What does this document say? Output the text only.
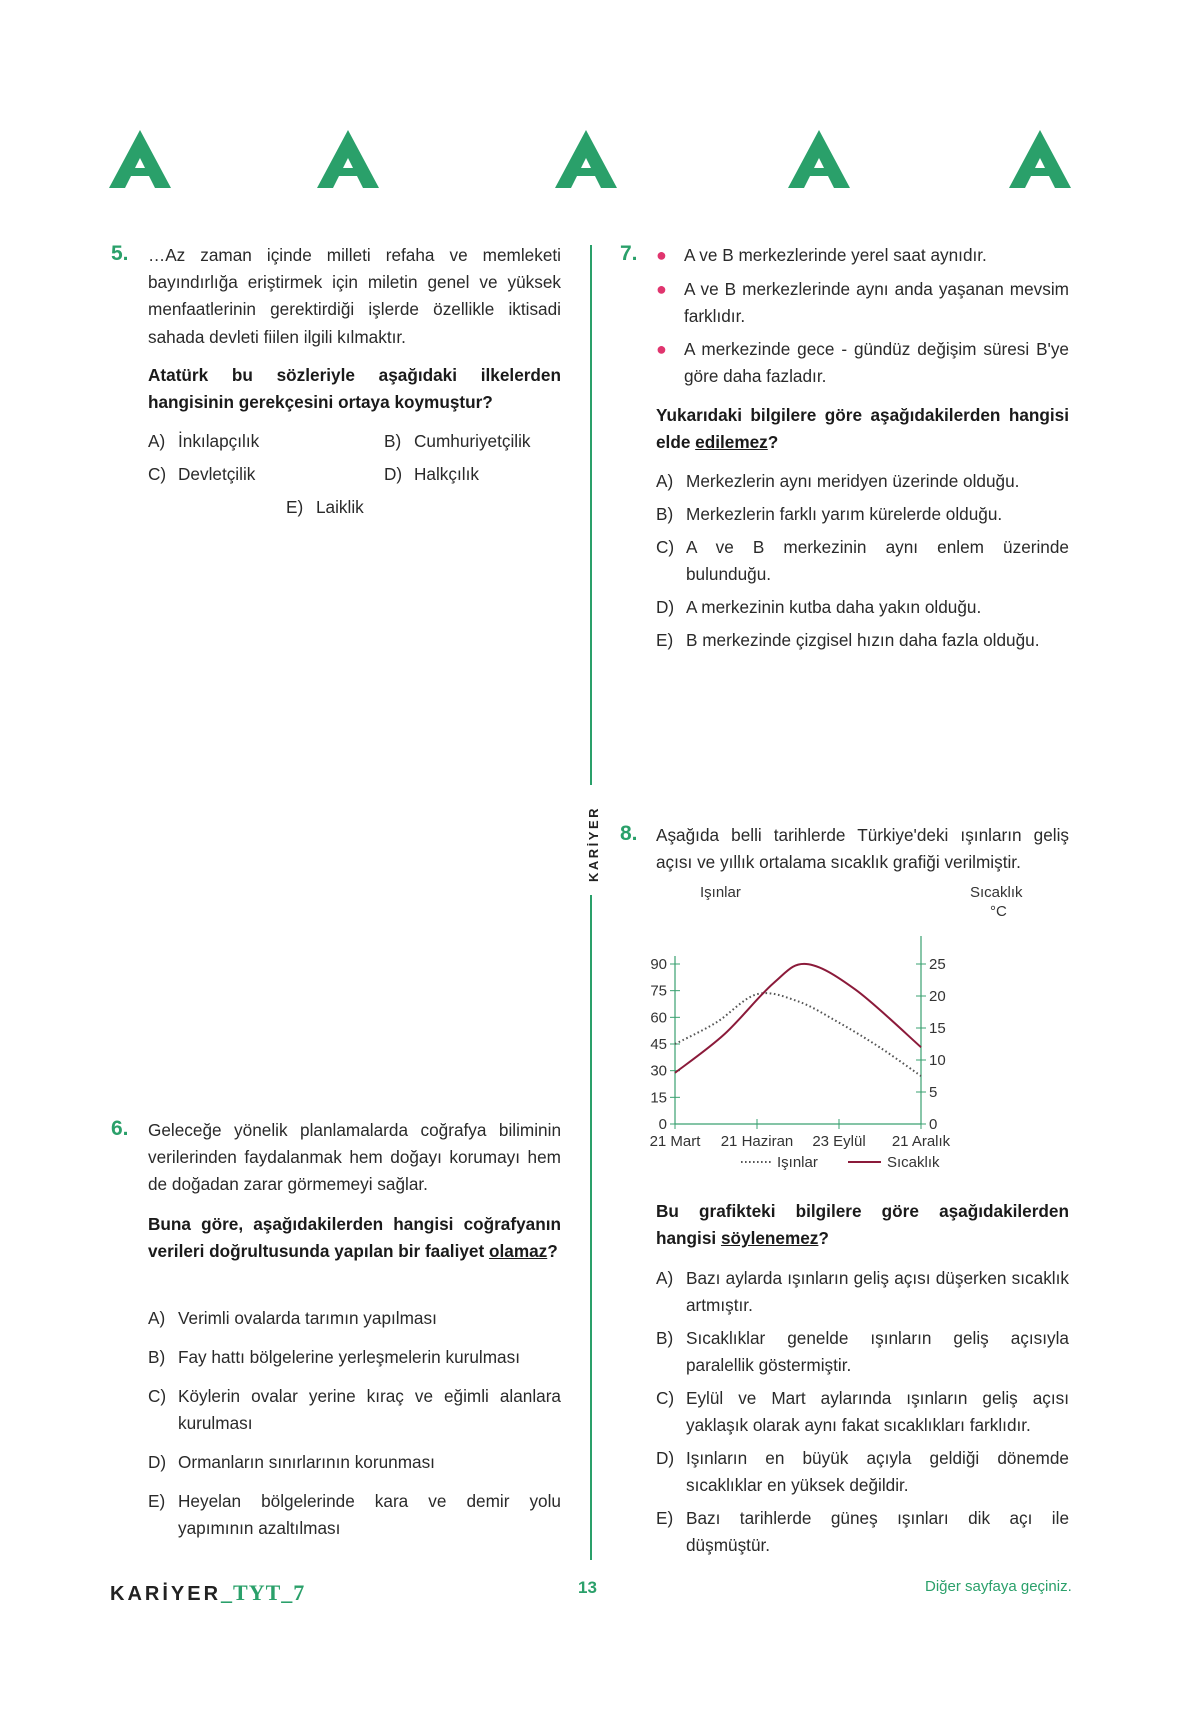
KARİYER
5. …Az zaman içinde milleti refaha ve memleketi bayındırlığa eriştirmek için miletin genel ve yüksek menfaatlerinin gerektirdiği işlerde özellikle iktisadi sahada devleti fiilen ilgili kılmaktır.
Atatürk bu sözleriyle aşağıdaki ilkelerden hangisinin gerekçesini ortaya koymuştur?
A) İnkılapçılık	B) Cumhuriyetçilik
C) Devletçilik	D) Halkçılık
E) Laiklik
6. Geleceğe yönelik planlamalarda coğrafya biliminin verilerinden faydalanmak hem doğayı korumayı hem de doğadan zarar görmemeyi sağlar.
Buna göre, aşağıdakilerden hangisi coğrafyanın verileri doğrultusunda yapılan bir faaliyet olamaz?
A) Verimli ovalarda tarımın yapılması
B) Fay hattı bölgelerine yerleşmelerin kurulması
C) Köylerin ovalar yerine kıraç ve eğimli alanlara kurulması
D) Ormanların sınırlarının korunması
E) Heyelan bölgelerinde kara ve demir yolu yapımının azaltılması
7. ● A ve B merkezlerinde yerel saat aynıdır.
● A ve B merkezlerinde aynı anda yaşanan mevsim farklıdır.
● A merkezinde gece - gündüz değişim süresi B'ye göre daha fazladır.
Yukarıdaki bilgilere göre aşağıdakilerden hangisi elde edilemez?
A) Merkezlerin aynı meridyen üzerinde olduğu.
B) Merkezlerin farklı yarım kürelerde olduğu.
C) A ve B merkezinin aynı enlem üzerinde bulunduğu.
D) A merkezinin kutba daha yakın olduğu.
E) B merkezinde çizgisel hızın daha fazla olduğu.
8. Aşağıda belli tarihlerde Türkiye'deki ışınların geliş açısı ve yıllık ortalama sıcaklık grafiği verilmiştir.
Işınlar	Sıcaklık
°C
0
15
30
45
60
75
90
0
5
10
15
20
25
21 Mart 21 Haziran 23 Eylül 21 Aralık
Işınlar	Sıcaklık
Bu grafikteki bilgilere göre aşağıdakilerden hangisi söylenemez?
A) Bazı aylarda ışınların geliş açısı düşerken sıcaklık artmıştır.
B) Sıcaklıklar genelde ışınların geliş açısıyla paralellik göstermiştir.
C) Eylül ve Mart aylarında ışınların geliş açısı yaklaşık olarak aynı fakat sıcaklıkları farklıdır.
D) Işınların en büyük açıyla geldiği dönemde sıcaklıklar en yüksek değildir.
E) Bazı tarihlerde güneş ışınları dik açı ile düşmüştür.
KARİYER_TYT_7	13	Diğer sayfaya geçiniz.
